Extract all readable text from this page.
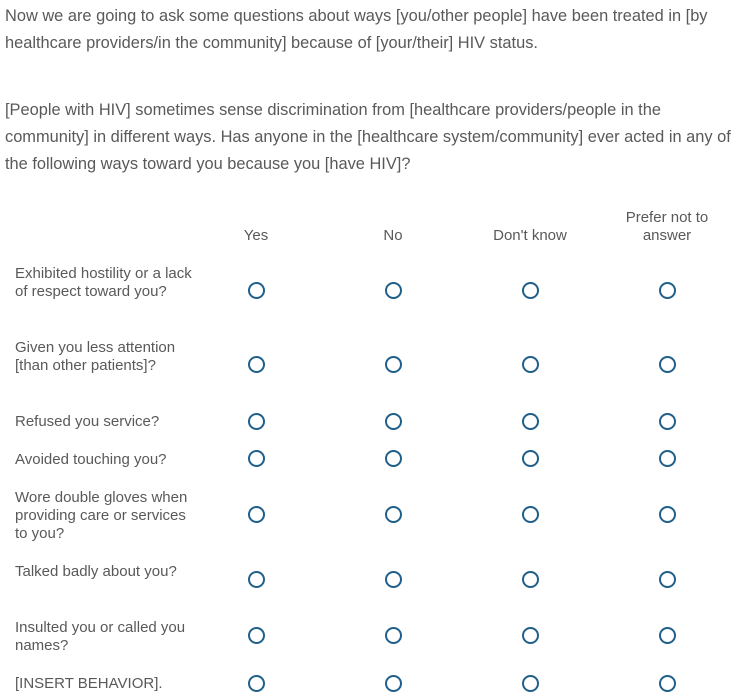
Now we are going to ask some questions about ways [you/other people] have been treated in [by healthcare providers/in the community] because of [your/their] HIV status.

[People with HIV] sometimes sense discrimination from [healthcare providers/people in the community] in different ways. Has anyone in the [healthcare system/community] ever acted in any of the following ways toward you because you [have HIV]?

Yes	No	Don't know
Prefer not to answer
Exhibited hostility or a lack of respect toward you?
Given you less attention [than other patients]?
Refused you service?
Avoided touching you?
Wore double gloves when providing care or services to you?
Talked badly about you?
Insulted you or called you names?
[INSERT BEHAVIOR].
